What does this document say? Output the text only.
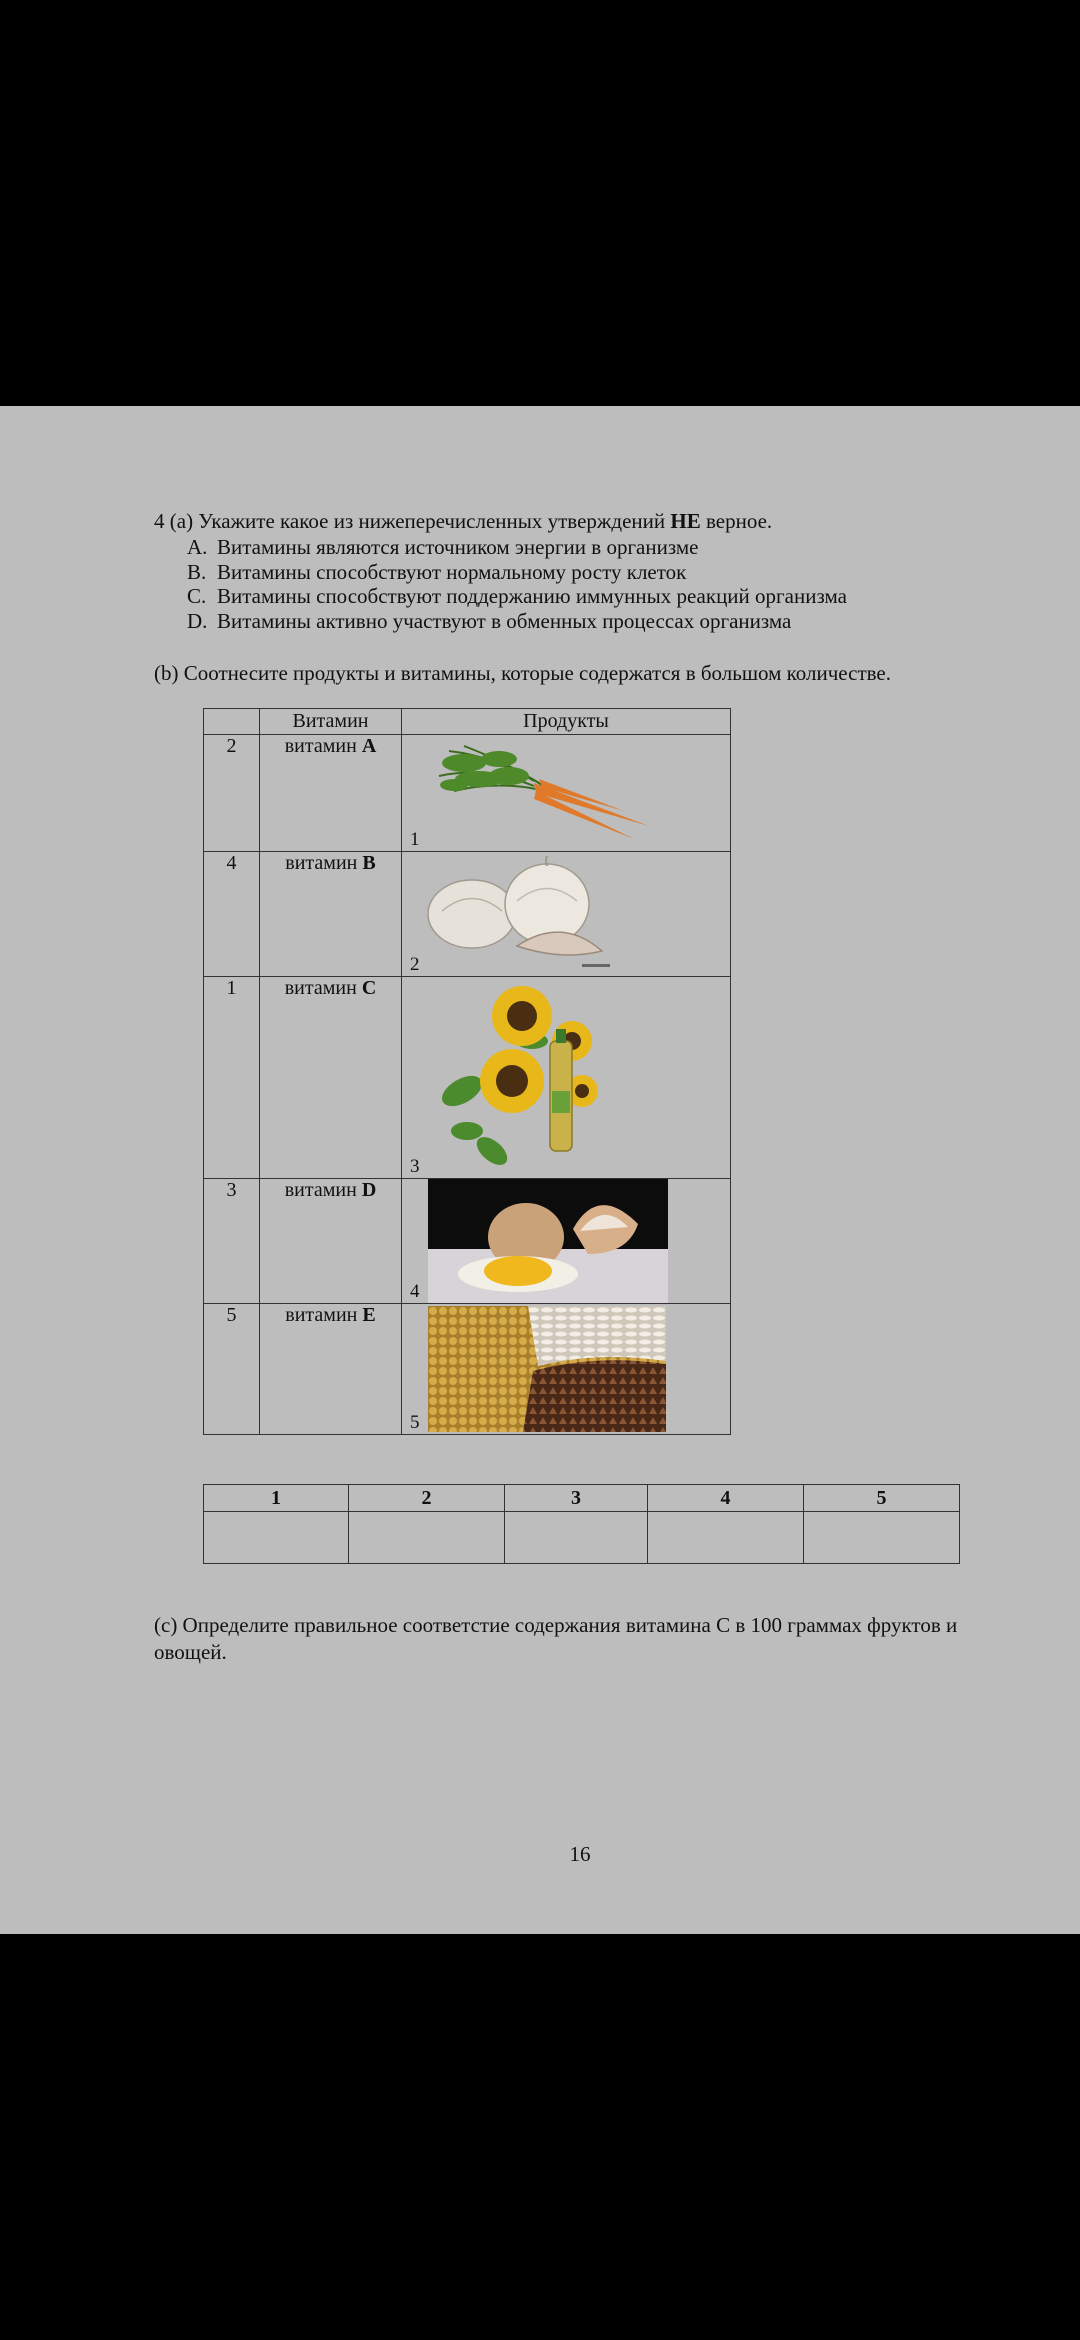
4 (a) Укажите какое из нижеперечисленных утверждений НЕ верное.
A. Витамины являются источником энергии в организме
B. Витамины способствуют нормальному росту клеток
C. Витамины способствуют поддержанию иммунных реакций организма
D. Витамины активно участвуют в обменных процессах организма
(b) Соотнесите продукты и витамины, которые содержатся в большом количестве.
	Витамин	Продукты
2	витамин A	1

4	витамин B	2

1	витамин C	3

3	витамин D	4

5	витамин E	5
1	2	3	4	5

(c) Определите правильное соответстие содержания витамина С в 100 граммах фруктов и овощей.
16
